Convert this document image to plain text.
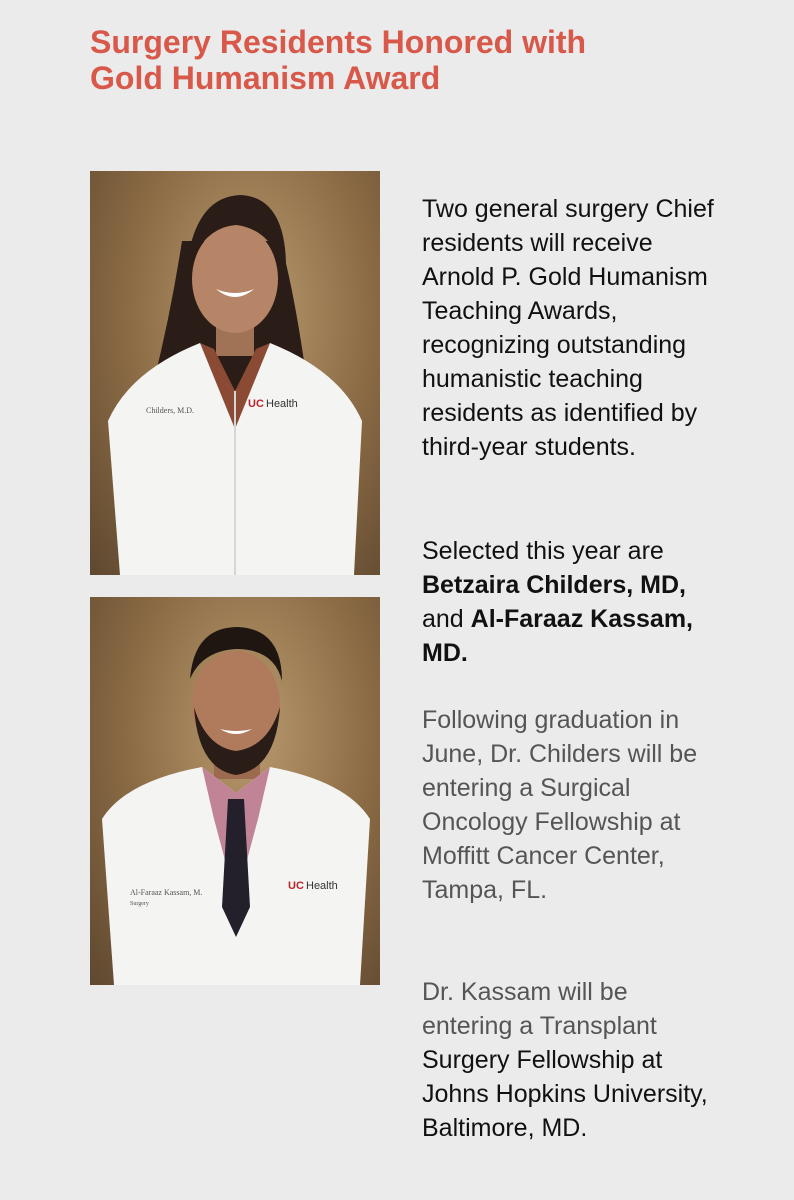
Surgery Residents Honored with
Gold Humanism Award
Childers, M.D.
UC Health
Al-Faraaz Kassam, M.
Surgery
UC Health

Two general surgery Chief residents will receive Arnold P. Gold Humanism Teaching Awards, recognizing outstanding humanistic teaching residents as identified by third-year students.

Selected this year are Betzaira Childers, MD, and Al-Faraaz Kassam, MD.

Following graduation in June, Dr. Childers will be entering a Surgical Oncology Fellowship at Moffitt Cancer Center, Tampa, FL.

Dr. Kassam will be entering a Transplant Surgery Fellowship at Johns Hopkins University, Baltimore, MD.
